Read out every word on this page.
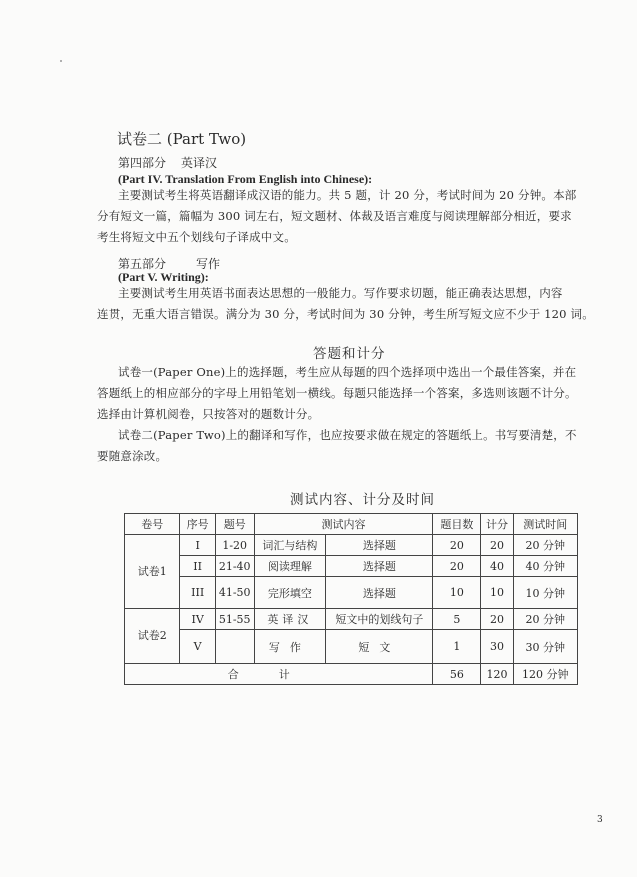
试卷二 (Part Two)
第四部分 英译汉
(Part IV. Translation From English into Chinese):

主要测试考生将英语翻译成汉语的能力。共 5 题，计 20 分，考试时间为 20 分钟。本部

分有短文一篇，篇幅为 300 词左右，短文题材、体裁及语言难度与阅读理解部分相近，要求

考生将短文中五个划线句子译成中文。

第五部分 写作
(Part V. Writing):

主要测试考生用英语书面表达思想的一般能力。写作要求切题，能正确表达思想，内容

连贯，无重大语言错误。满分为 30 分，考试时间为 30 分钟，考生所写短文应不少于 120 词。

答题和计分

试卷一(Paper One)上的选择题，考生应从每题的四个选择项中选出一个最佳答案，并在

答题纸上的相应部分的字母上用铅笔划一横线。每题只能选择一个答案，多选则该题不计分。

选择由计算机阅卷，只按答对的题数计分。

试卷二(Paper Two)上的翻译和写作，也应按要求做在规定的答题纸上。书写要清楚，不

要随意涂改。

测试内容、计分及时间
卷号	序号	题号	测试内容		题目数	计分	测试时间
试卷1	I	1-20	词汇与结构	选择题	20	20	20 分钟
	II	21-40	阅读理解	选择题	20	40	40 分钟
	III	41-50	完形填空	选择题	10	10	10 分钟
试卷2	IV	51-55	英译汉	短文中的划线句子	5	20	20 分钟
	V		写作	短文	1	30	30 分钟
合计					56	120	120 分钟
3
